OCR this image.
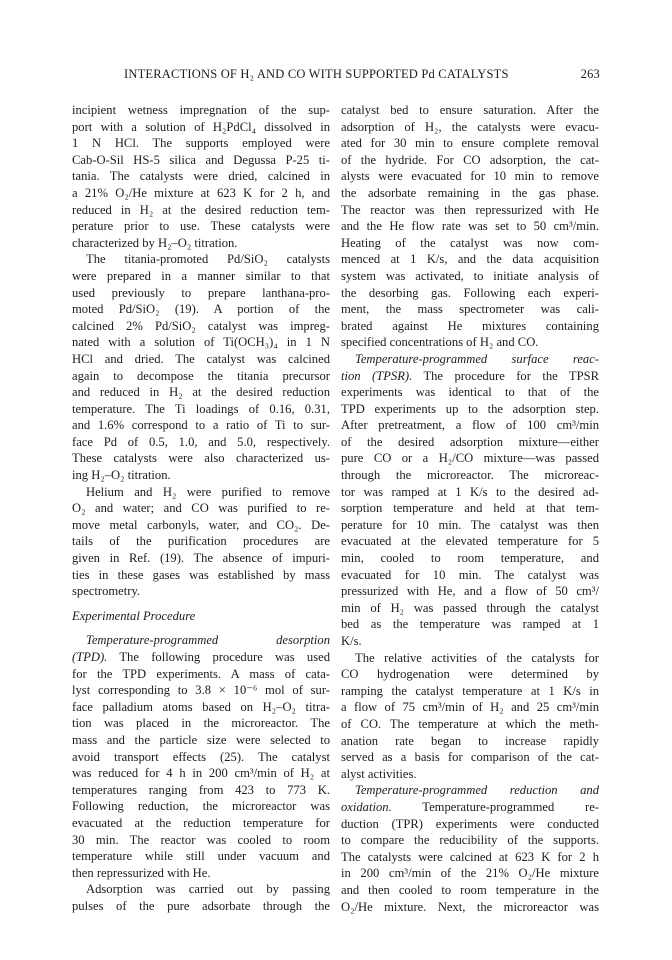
INTERACTIONS OF H₂ AND CO WITH SUPPORTED Pd CATALYSTS	263
incipient wetness impregnation of the sup-
port with a solution of H₂PdCl₄ dissolved in
1 N HCl. The supports employed were
Cab-O-Sil HS-5 silica and Degussa P-25 ti-
tania. The catalysts were dried, calcined in
a 21% O₂/He mixture at 623 K for 2 h, and
reduced in H₂ at the desired reduction tem-
perature prior to use. These catalysts were
characterized by H₂–O₂ titration.
The titania-promoted Pd/SiO₂ catalysts
were prepared in a manner similar to that
used previously to prepare lanthana-pro-
moted Pd/SiO₂ (19). A portion of the
calcined 2% Pd/SiO₂ catalyst was impreg-
nated with a solution of Ti(OCH₃)₄ in 1 N
HCl and dried. The catalyst was calcined
again to decompose the titania precursor
and reduced in H₂ at the desired reduction
temperature. The Ti loadings of 0.16, 0.31,
and 1.6% correspond to a ratio of Ti to sur-
face Pd of 0.5, 1.0, and 5.0, respectively.
These catalysts were also characterized us-
ing H₂–O₂ titration.
Helium and H₂ were purified to remove
O₂ and water; and CO was purified to re-
move metal carbonyls, water, and CO₂. De-
tails of the purification procedures are
given in Ref. (19). The absence of impuri-
ties in these gases was established by mass
spectrometry.
Experimental Procedure
Temperature-programmed desorption
(TPD). The following procedure was used
for the TPD experiments. A mass of cata-
lyst corresponding to 3.8 × 10⁻⁶ mol of sur-
face palladium atoms based on H₂–O₂ titra-
tion was placed in the microreactor. The
mass and the particle size were selected to
avoid transport effects (25). The catalyst
was reduced for 4 h in 200 cm³/min of H₂ at
temperatures ranging from 423 to 773 K.
Following reduction, the microreactor was
evacuated at the reduction temperature for
30 min. The reactor was cooled to room
temperature while still under vacuum and
then repressurized with He.
Adsorption was carried out by passing
pulses of the pure adsorbate through the
catalyst bed to ensure saturation. After the
adsorption of H₂, the catalysts were evacu-
ated for 30 min to ensure complete removal
of the hydride. For CO adsorption, the cat-
alysts were evacuated for 10 min to remove
the adsorbate remaining in the gas phase.
The reactor was then repressurized with He
and the He flow rate was set to 50 cm³/min.
Heating of the catalyst was now com-
menced at 1 K/s, and the data acquisition
system was activated, to initiate analysis of
the desorbing gas. Following each experi-
ment, the mass spectrometer was cali-
brated against He mixtures containing
specified concentrations of H₂ and CO.
Temperature-programmed surface reac-
tion (TPSR). The procedure for the TPSR
experiments was identical to that of the
TPD experiments up to the adsorption step.
After pretreatment, a flow of 100 cm³/min
of the desired adsorption mixture—either
pure CO or a H₂/CO mixture—was passed
through the microreactor. The microreac-
tor was ramped at 1 K/s to the desired ad-
sorption temperature and held at that tem-
perature for 10 min. The catalyst was then
evacuated at the elevated temperature for 5
min, cooled to room temperature, and
evacuated for 10 min. The catalyst was
pressurized with He, and a flow of 50 cm³/
min of H₂ was passed through the catalyst
bed as the temperature was ramped at 1
K/s.
The relative activities of the catalysts for
CO hydrogenation were determined by
ramping the catalyst temperature at 1 K/s in
a flow of 75 cm³/min of H₂ and 25 cm³/min
of CO. The temperature at which the meth-
anation rate began to increase rapidly
served as a basis for comparison of the cat-
alyst activities.
Temperature-programmed reduction and
oxidation. Temperature-programmed re-
duction (TPR) experiments were conducted
to compare the reducibility of the supports.
The catalysts were calcined at 623 K for 2 h
in 200 cm³/min of the 21% O₂/He mixture
and then cooled to room temperature in the
O₂/He mixture. Next, the microreactor was
